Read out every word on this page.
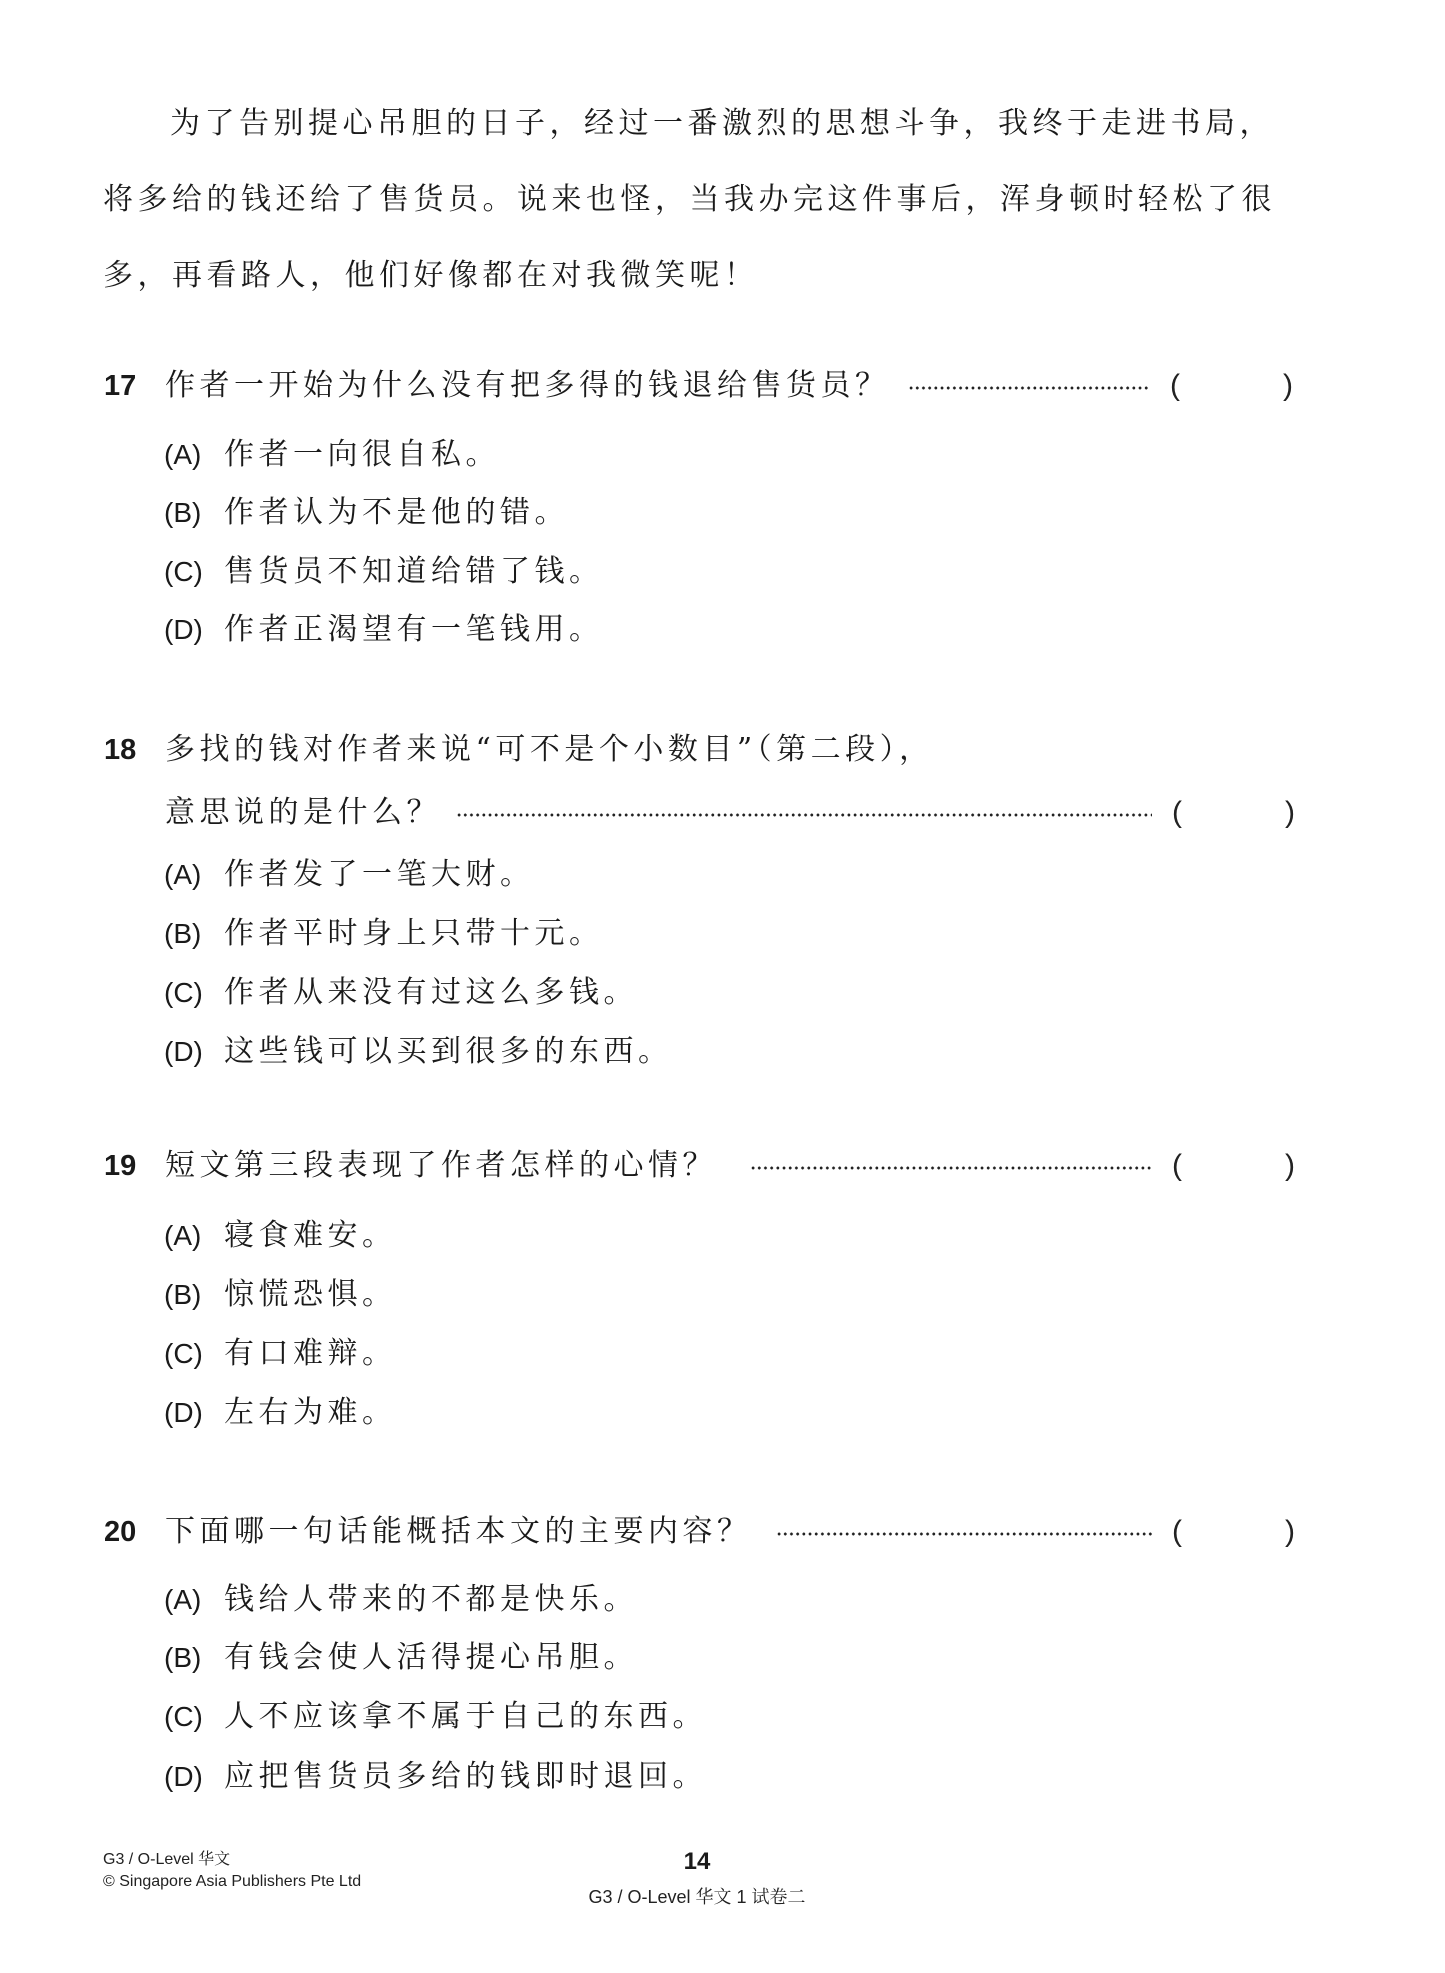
为了告别提心吊胆的日子，经过一番激烈的思想斗争，我终于走进书局，
将多给的钱还给了售货员。说来也怪，当我办完这件事后，浑身顿时轻松了很
多，再看路人，他们好像都在对我微笑呢！
17 作者一开始为什么没有把多得的钱退给售货员？	(	)
(A) 作者一向很自私。
(B) 作者认为不是他的错。
(C) 售货员不知道给错了钱。
(D) 作者正渴望有一笔钱用。
18 多找的钱对作者来说“可不是个小数目”（第二段），
意思说的是什么？	(	)
(A) 作者发了一笔大财。
(B) 作者平时身上只带十元。
(C) 作者从来没有过这么多钱。
(D) 这些钱可以买到很多的东西。
19 短文第三段表现了作者怎样的心情？	(	)
(A) 寝食难安。
(B) 惊慌恐惧。
(C) 有口难辩。
(D) 左右为难。
20 下面哪一句话能概括本文的主要内容？	(	)
(A) 钱给人带来的不都是快乐。
(B) 有钱会使人活得提心吊胆。
(C) 人不应该拿不属于自己的东西。
(D) 应把售货员多给的钱即时退回。
G3 / O-Level 华文
© Singapore Asia Publishers Pte Ltd
14
G3 / O-Level 华文 1 试卷二
